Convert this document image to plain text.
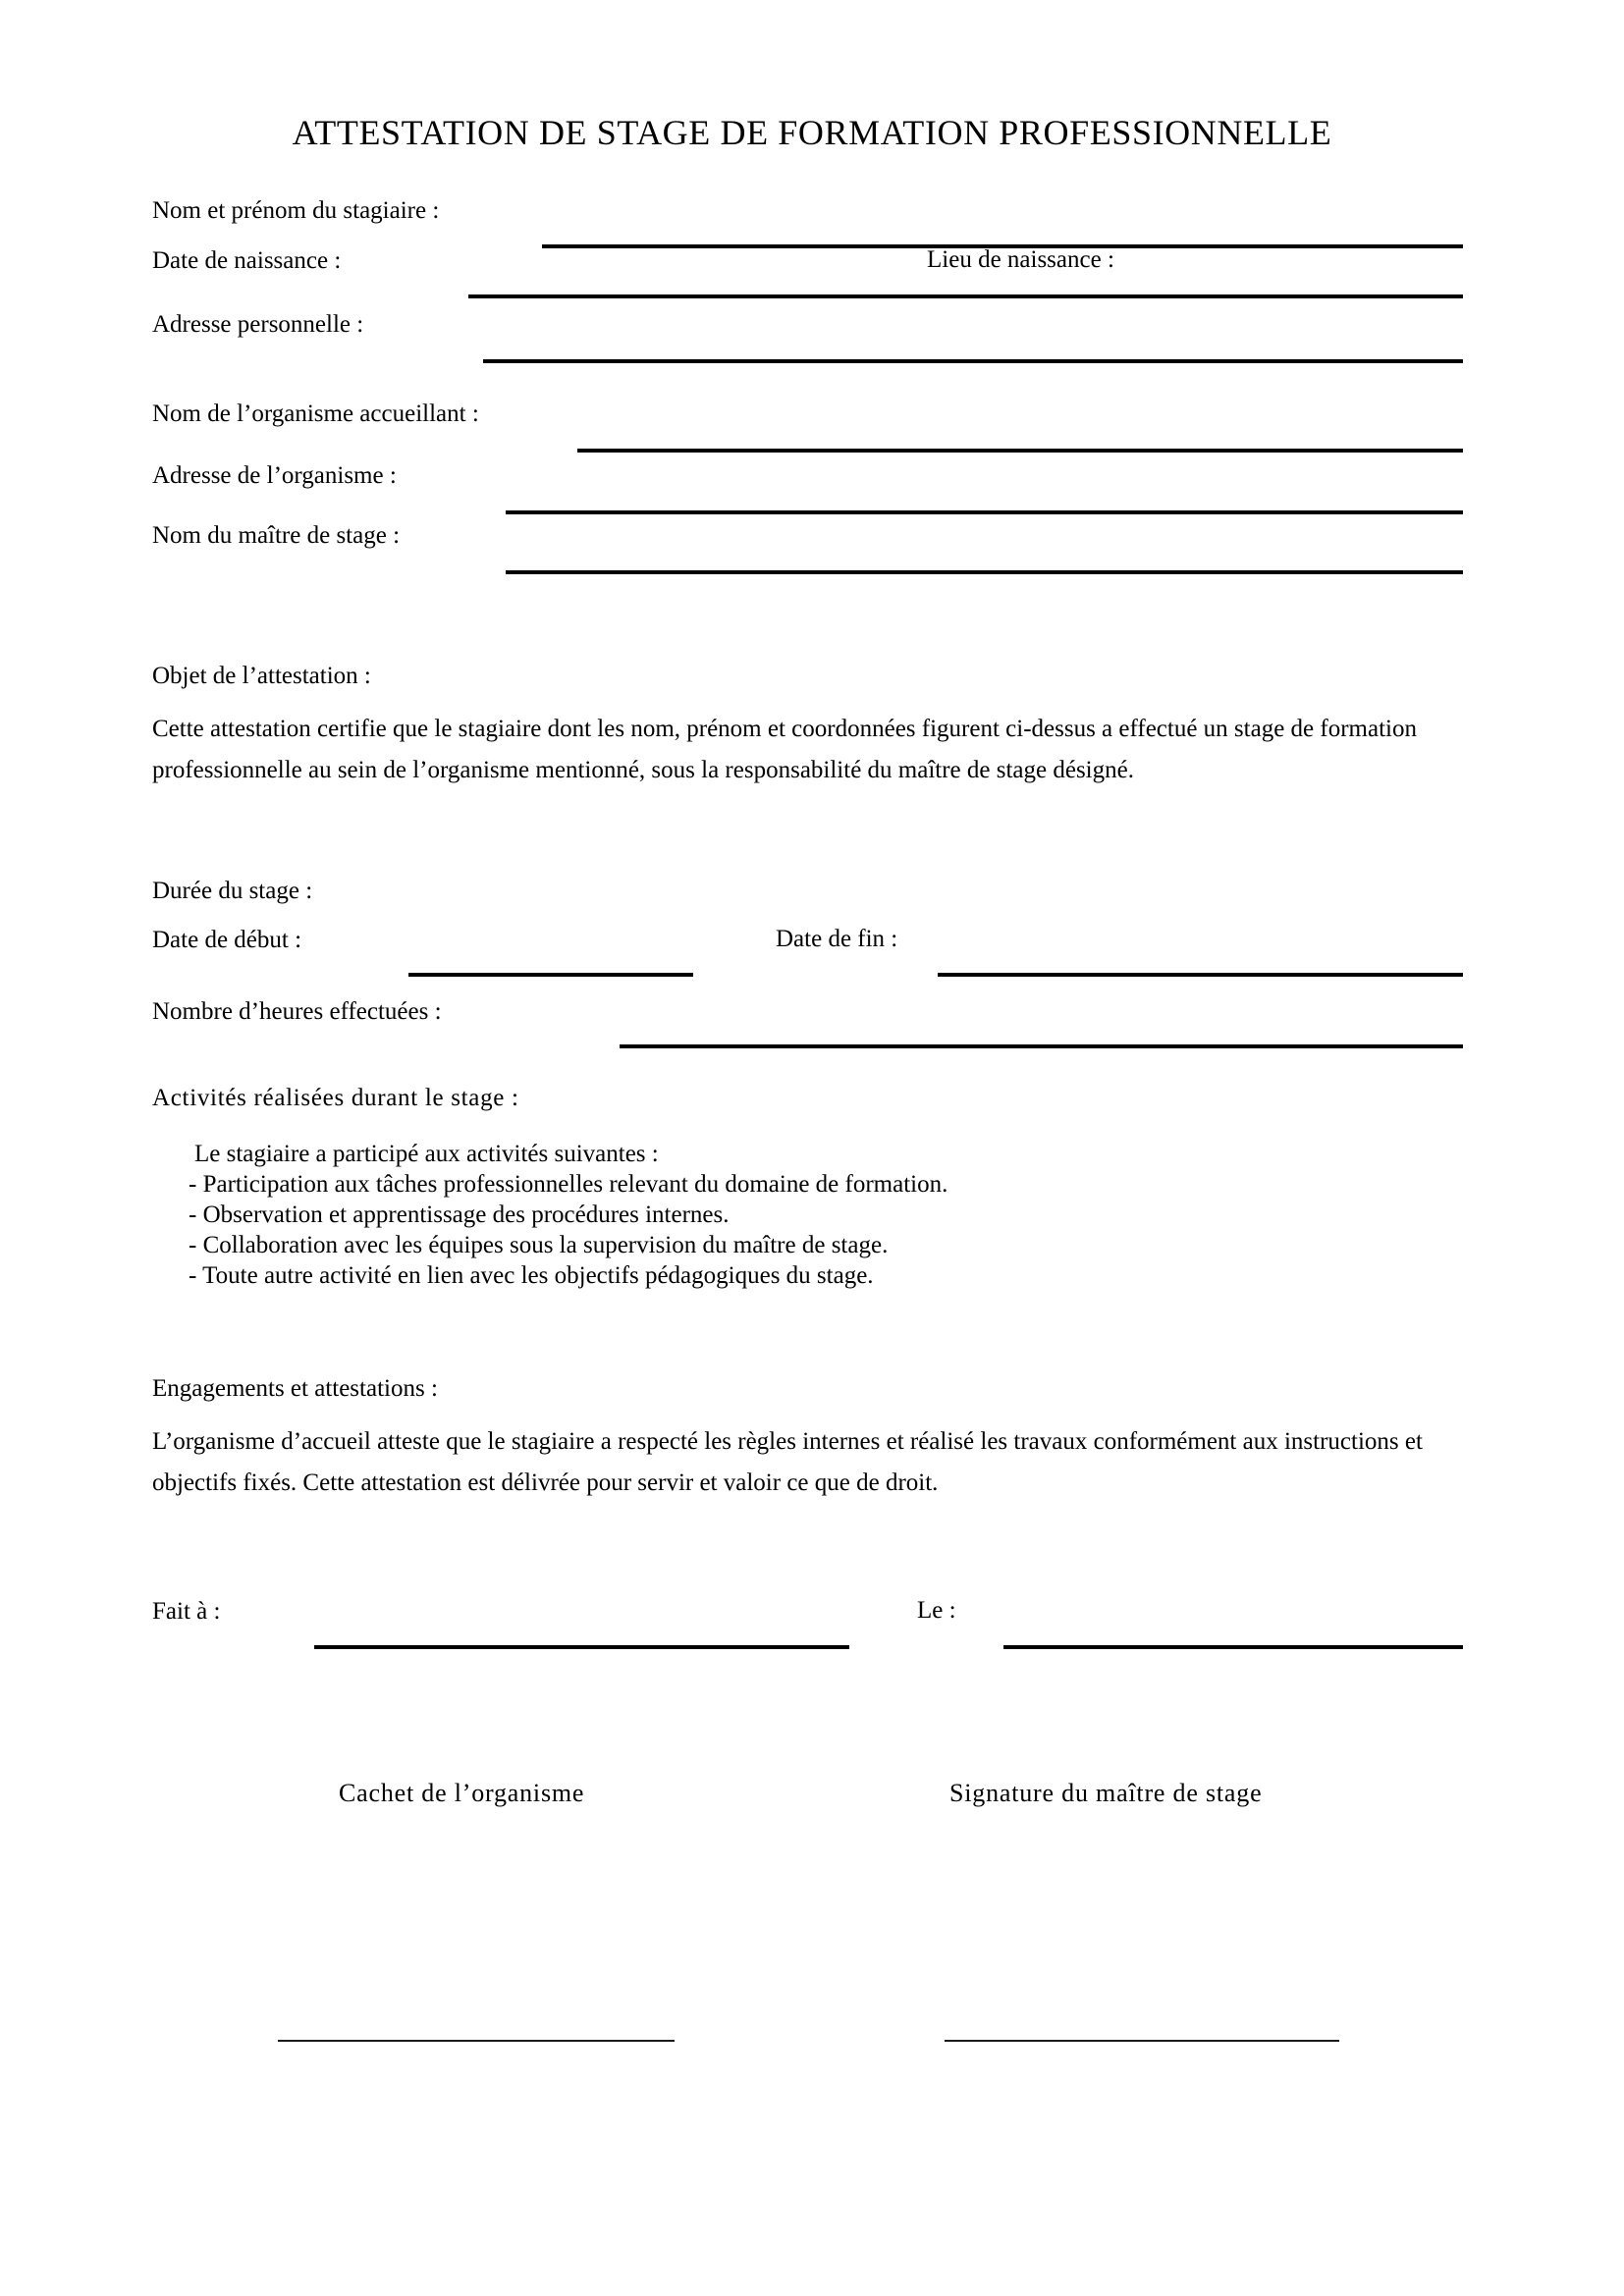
ATTESTATION DE STAGE DE FORMATION PROFESSIONNELLE
Nom et prénom du stagiaire :
Date de naissance :	Lieu de naissance :
Adresse personnelle :
Nom de l’organisme accueillant :
Adresse de l’organisme :
Nom du maître de stage :
Objet de l’attestation :
Cette attestation certifie que le stagiaire dont les nom, prénom et coordonnées figurent ci-dessus a effectué un stage de formation professionnelle au sein de l’organisme mentionné, sous la responsabilité du maître de stage désigné.
Durée du stage :
Date de début :	Date de fin :
Nombre d’heures effectuées :
Activités réalisées durant le stage :
Le stagiaire a participé aux activités suivantes :
- Participation aux tâches professionnelles relevant du domaine de formation.
- Observation et apprentissage des procédures internes.
- Collaboration avec les équipes sous la supervision du maître de stage.
- Toute autre activité en lien avec les objectifs pédagogiques du stage.
Engagements et attestations :
L’organisme d’accueil atteste que le stagiaire a respecté les règles internes et réalisé les travaux conformément aux instructions et objectifs fixés. Cette attestation est délivrée pour servir et valoir ce que de droit.
Fait à :	Le :
Cachet de l’organisme	Signature du maître de stage
